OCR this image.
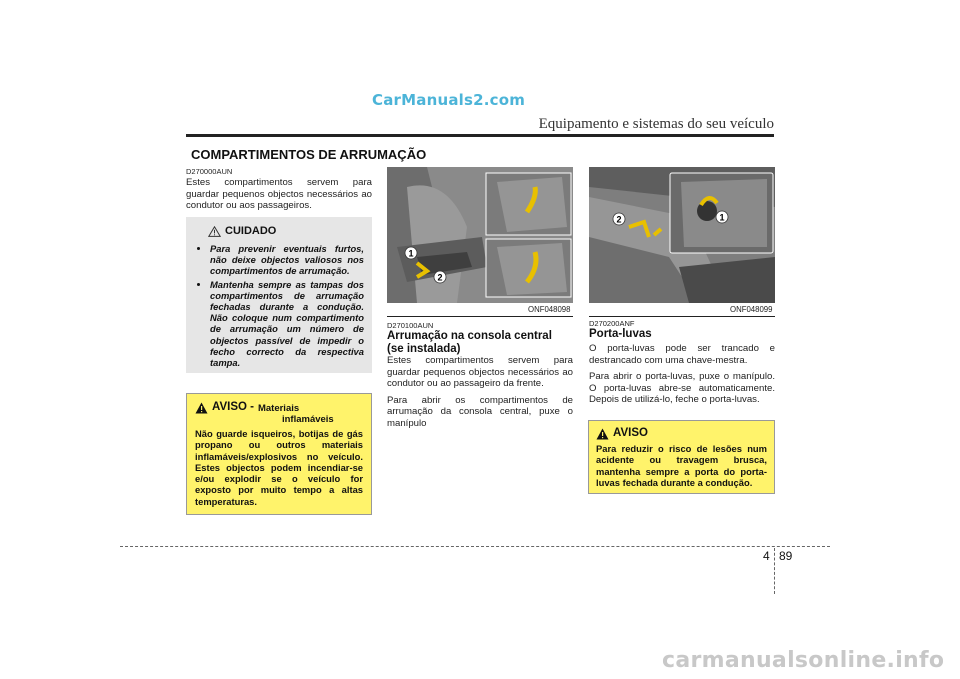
CarManuals2.com
Equipamento e sistemas do seu veículo
COMPARTIMENTOS DE ARRUMAÇÃO
D270000AUN
Estes compartimentos servem para guardar pequenos objectos necessários ao condutor ou aos passageiros.
CUIDADO
• Para prevenir eventuais furtos, não deixe objectos valiosos nos compartimentos de arrumação.
• Mantenha sempre as tampas dos compartimentos de arrumação fechadas durante a condução. Não coloque num compartimento de arrumação um número de objectos passível de impedir o fecho correcto da respectiva tampa.
AVISO - Materiais
inflamáveis
Não guarde isqueiros, botijas de gás propano ou outros materiais inflamáveis/explosivos no veículo. Estes objectos podem incendiar-se e/ou explodir se o veículo for exposto por muito tempo a altas temperaturas.
1
2
ONF048098
D270100AUN
Arrumação na consola central
(se instalada)

Estes compartimentos servem para guardar pequenos objectos necessários ao condutor ou ao passageiro da frente.

Para abrir os compartimentos de arrumação da consola central, puxe o manípulo

2	1
ONF048099
D270200ANF
Porta-luvas

O porta-luvas pode ser trancado e destrancado com uma chave-mestra.

Para abrir o porta-luvas, puxe o manípulo. O porta-luvas abre-se automaticamente. Depois de utilizá-lo, feche o porta-luvas.

AVISO
Para reduzir o risco de lesões num acidente ou travagem brusca, mantenha sempre a porta do porta-luvas fechada durante a condução.
4 89
carmanualsonline.info
